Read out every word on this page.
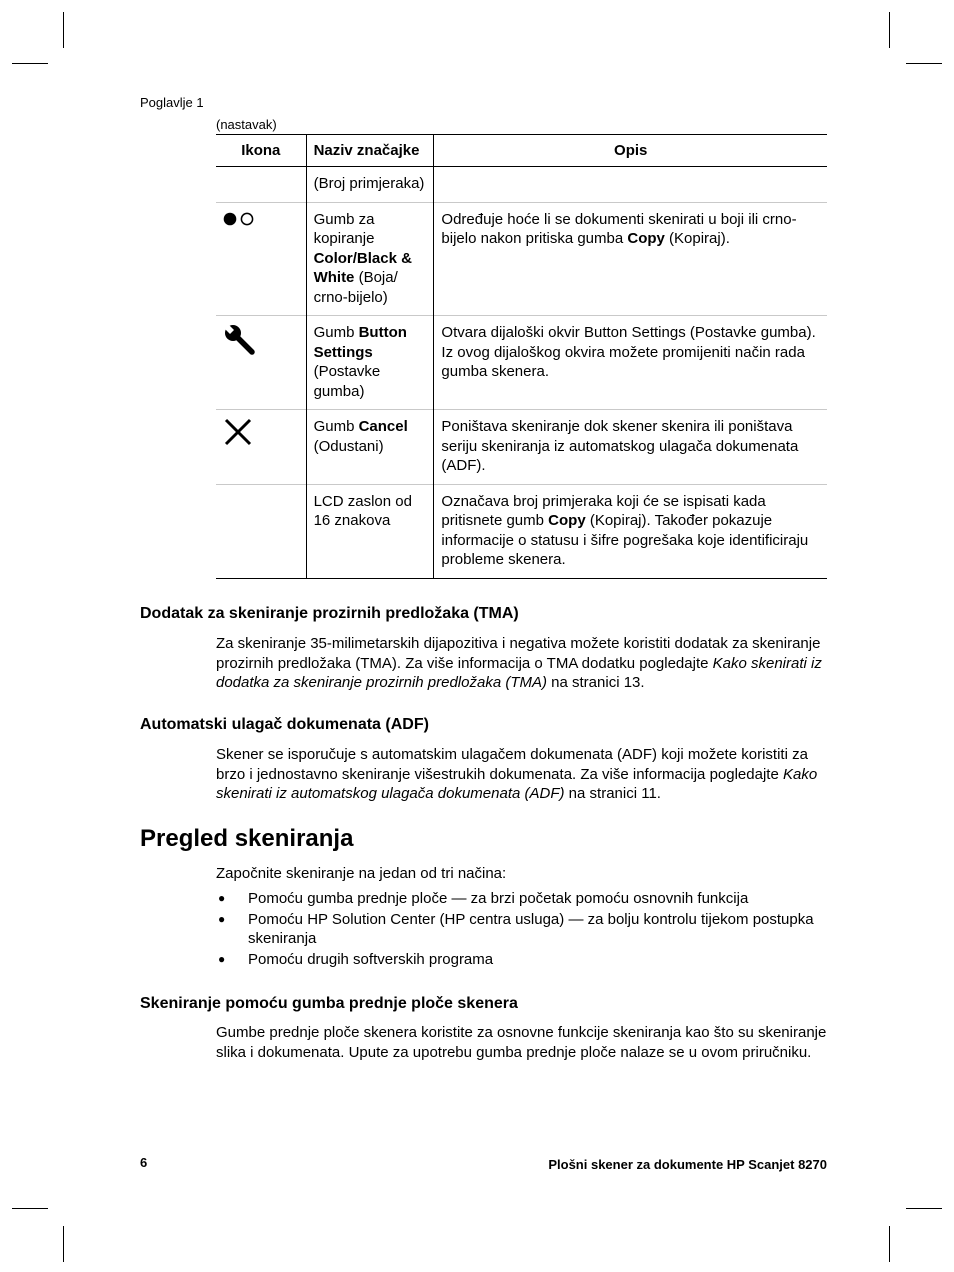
Poglavlje 1
(nastavak)
Ikona	Naziv značajke	Opis
	(Broj primjeraka)	

	Gumb za kopiranje Color/Black & White (Boja/ crno-bijelo)	Određuje hoće li se dokumenti skenirati u boji ili crno-bijelo nakon pritiska gumba Copy (Kopiraj).

	Gumb Button Settings (Postavke gumba)	Otvara dijaloški okvir Button Settings (Postavke gumba). Iz ovog dijaloškog okvira možete promijeniti način rada gumba skenera.

	Gumb Cancel (Odustani)	Poništava skeniranje dok skener skenira ili poništava seriju skeniranja iz automatskog ulagača dokumenata (ADF).
	LCD zaslon od 16 znakova	Označava broj primjeraka koji će se ispisati kada pritisnete gumb Copy (Kopiraj). Također pokazuje informacije o statusu i šifre pogrešaka koje identificiraju probleme skenera.
Dodatak za skeniranje prozirnih predložaka (TMA)
Za skeniranje 35-milimetarskih dijapozitiva i negativa možete koristiti dodatak za skeniranje prozirnih predložaka (TMA). Za više informacija o TMA dodatku pogledajte Kako skenirati iz dodatka za skeniranje prozirnih predložaka (TMA) na stranici 13.
Automatski ulagač dokumenata (ADF)
Skener se isporučuje s automatskim ulagačem dokumenata (ADF) koji možete koristiti za brzo i jednostavno skeniranje višestrukih dokumenata. Za više informacija pogledajte Kako skenirati iz automatskog ulagača dokumenata (ADF) na stranici 11.
Pregled skeniranja
Započnite skeniranje na jedan od tri načina:
● Pomoću gumba prednje ploče — za brzi početak pomoću osnovnih funkcija
● Pomoću HP Solution Center (HP centra usluga) — za bolju kontrolu tijekom postupka skeniranja
● Pomoću drugih softverskih programa
Skeniranje pomoću gumba prednje ploče skenera
Gumbe prednje ploče skenera koristite za osnovne funkcije skeniranja kao što su skeniranje slika i dokumenata. Upute za upotrebu gumba prednje ploče nalaze se u ovom priručniku.
6	Plošni skener za dokumente HP Scanjet 8270
